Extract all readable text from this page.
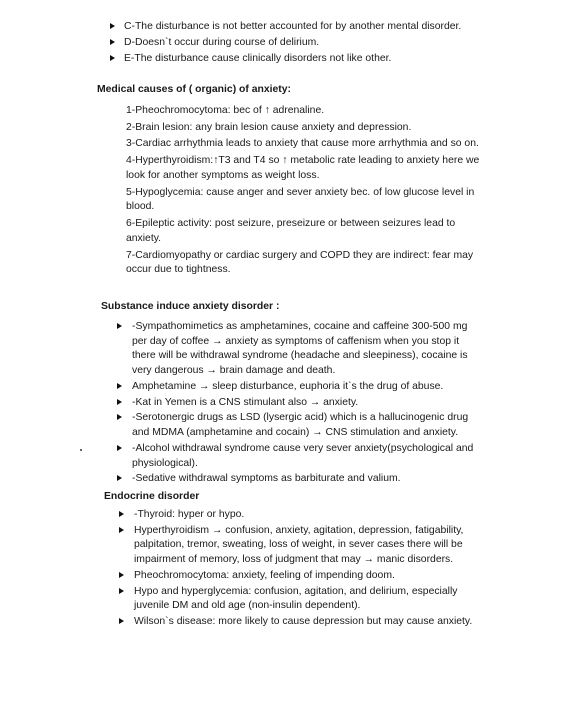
C-The disturbance is not better accounted for by another mental disorder.
D-Doesn`t occur during course of delirium.
E-The disturbance cause clinically disorders not like other.

Medical causes of ( organic) of anxiety:

1-Pheochromocytoma: bec of ↑ adrenaline.
2-Brain lesion: any brain lesion cause anxiety and depression.
3-Cardiac arrhythmia leads to anxiety that cause more arrhythmia and so on.
4-Hyperthyroidism:↑T3 and T4 so ↑ metabolic rate leading to anxiety here we look for another symptoms as weight loss.
5-Hypoglycemia: cause anger and sever anxiety bec. of low glucose level in blood.
6-Epileptic activity: post seizure, preseizure or between seizures lead to anxiety.
7-Cardiomyopathy or cardiac surgery and COPD they are indirect: fear may occur due to tightness.

Substance induce anxiety disorder :

-Sympathomimetics as amphetamines, cocaine and caffeine 300-500 mg per day of coffee → anxiety as symptoms of caffenism when you stop it there will be withdrawal syndrome (headache and sleepiness), cocaine is very dangerous → brain damage and death.
Amphetamine → sleep disturbance, euphoria it`s the drug of abuse.
-Kat in Yemen is a CNS stimulant also → anxiety.
-Serotonergic drugs as LSD (lysergic acid) which is a hallucinogenic drug and MDMA (amphetamine and cocain) → CNS stimulation and anxiety.
-Alcohol withdrawal syndrome cause very sever anxiety(psychological and physiological).
-Sedative withdrawal symptoms as barbiturate and valium.

Endocrine disorder

-Thyroid: hyper or hypo.
Hyperthyroidism → confusion, anxiety, agitation, depression, fatigability, palpitation, tremor, sweating, loss of weight, in sever cases there will be impairment of memory, loss of judgment that may → manic disorders.
Pheochromocytoma: anxiety, feeling of impending doom.
Hypo and hyperglycemia: confusion, agitation, and delirium, especially juvenile DM and old age (non-insulin dependent).
Wilson`s disease: more likely to cause depression but may cause anxiety.
